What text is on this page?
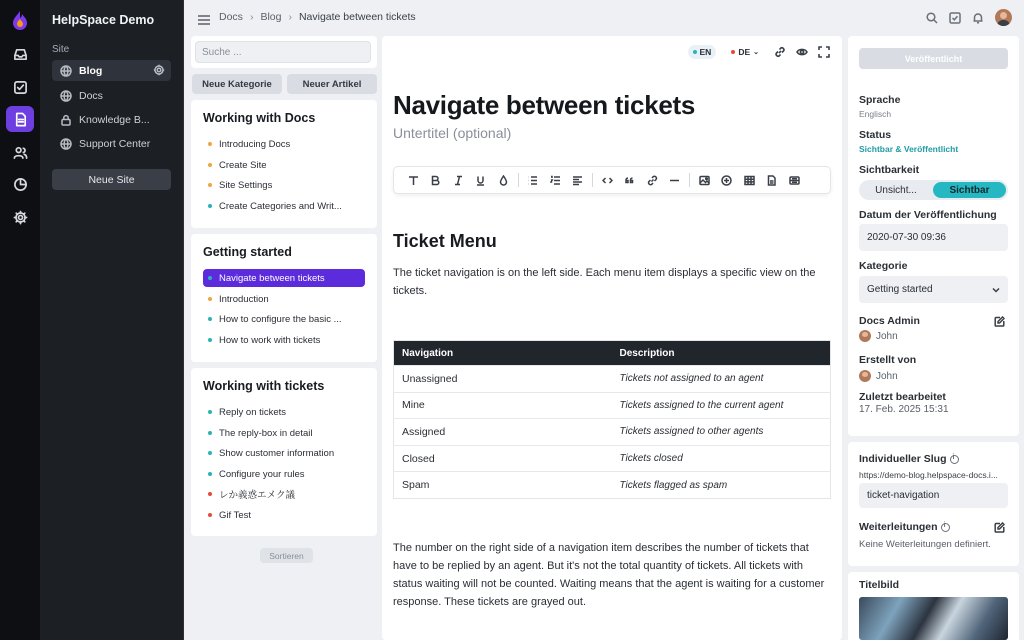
HelpSpace Demo
Site
Blog
Docs
Knowledge B...
Support Center
Neue Site
Docs › Blog › Navigate between tickets
Suche ...
Neue Kategorie	Neuer Artikel
Working with Docs
Introducing Docs
Create Site
Site Settings
Create Categories and Writ...
Getting started
Navigate between tickets
Introduction
How to configure the basic ...
How to work with tickets
Working with tickets
Reply on tickets
The reply-box in detail
Show customer information
Configure your rules
レか義惑エメク議
Gif Test
Sortieren
EN	DE ⌄
Navigate between tickets
Untertitel (optional)
Ticket Menu
The ticket navigation is on the left side. Each menu item displays a specific view on the tickets.
Navigation	Description
Unassigned	Tickets not assigned to an agent
Mine	Tickets assigned to the current agent
Assigned	Tickets assigned to other agents
Closed	Tickets closed
Spam	Tickets flagged as spam
The number on the right side of a navigation item describes the number of tickets that have to be replied by an agent. But it's not the total quantity of tickets. All tickets with status waiting will not be counted. Waiting means that the agent is waiting for a customer response. These tickets are grayed out.
Veröffentlicht
Sprache
Englisch
Status
Sichtbar & Veröffentlicht
Sichtbarkeit
Unsicht...	Sichtbar
Datum der Veröffentlichung
2020-07-30 09:36
Kategorie
Getting started
Docs Admin
John
Erstellt von
John
Zuletzt bearbeitet
17. Feb. 2025 15:31
Individueller Slugi
https://demo-blog.helpspace-docs.i...
ticket-navigation
Weiterleitungeni
Keine Weiterleitungen definiert.
Titelbild
